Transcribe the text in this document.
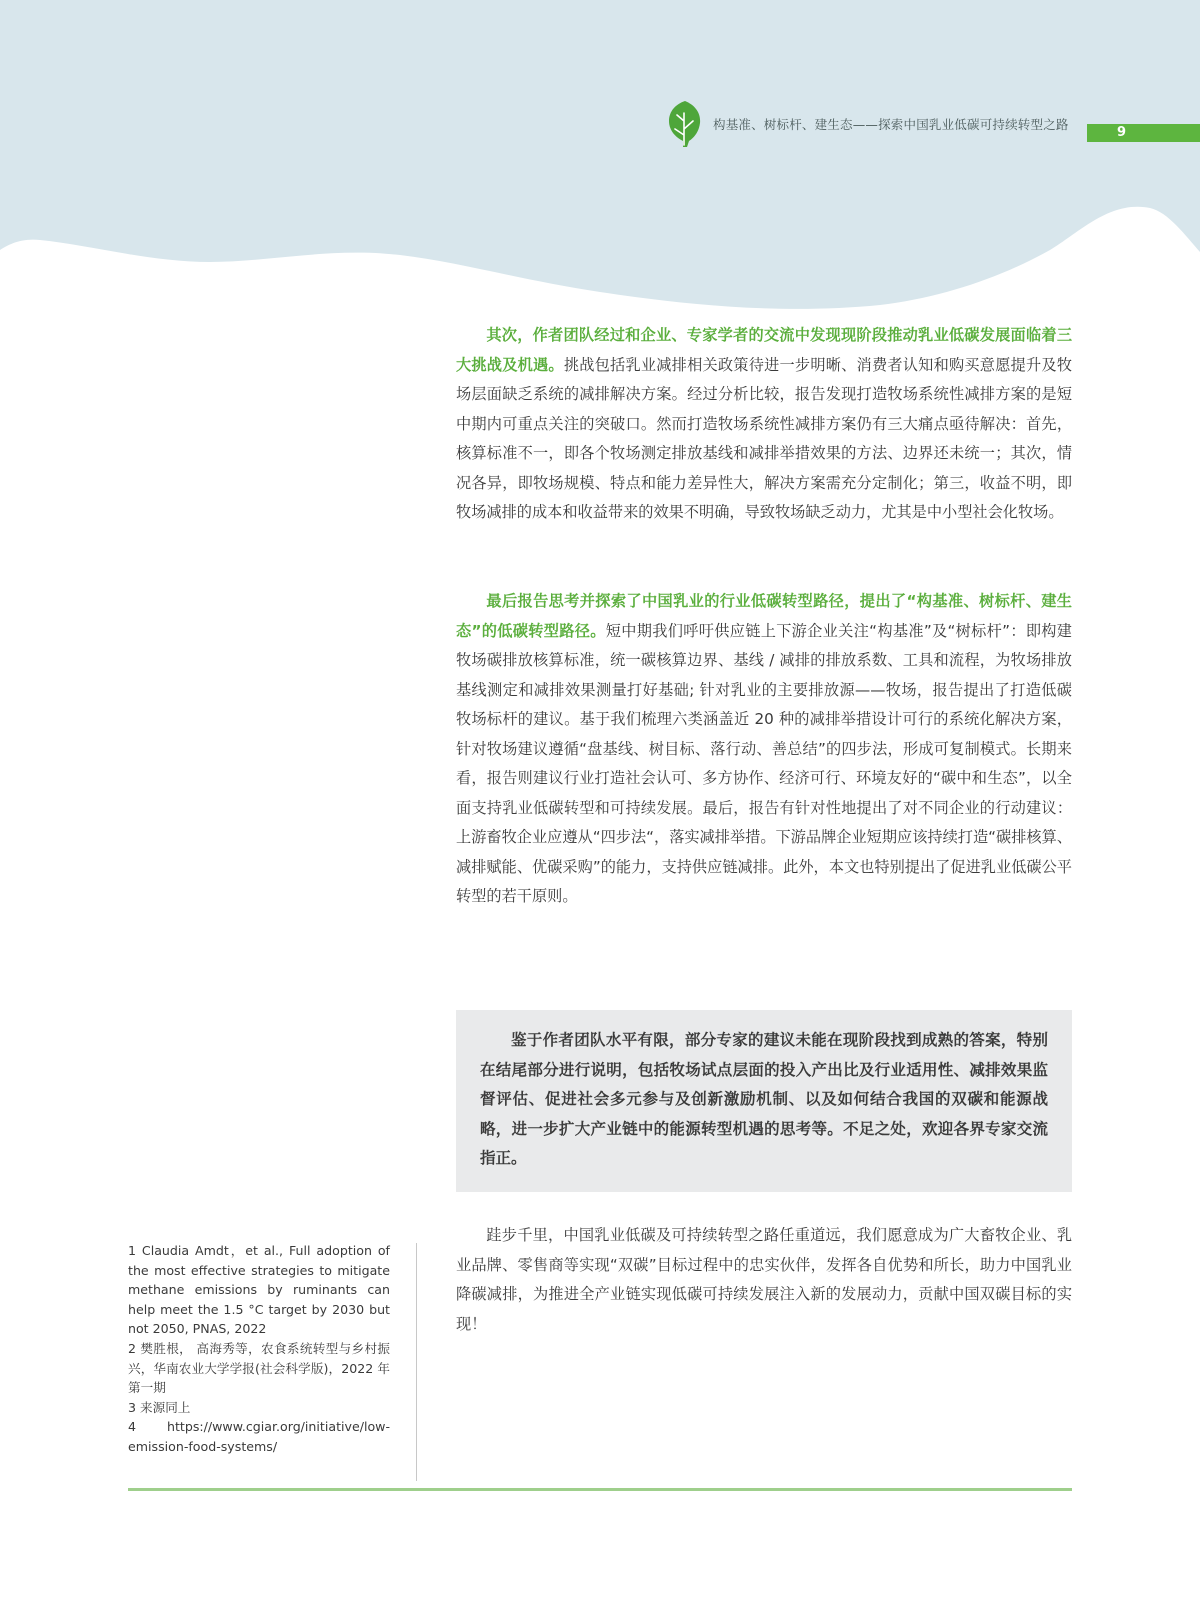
构基准、树标杆、建生态——探索中国乳业低碳可持续转型之路
9
其次，作者团队经过和企业、专家学者的交流中发现现阶段推动乳业低碳发展面临着三大挑战及机遇。挑战包括乳业减排相关政策待进一步明晰、消费者认知和购买意愿提升及牧场层面缺乏系统的减排解决方案。经过分析比较，报告发现打造牧场系统性减排方案的是短中期内可重点关注的突破口。然而打造牧场系统性减排方案仍有三大痛点亟待解决：首先，核算标准不一，即各个牧场测定排放基线和减排举措效果的方法、边界还未统一；其次，情况各异，即牧场规模、特点和能力差异性大，解决方案需充分定制化；第三，收益不明，即牧场减排的成本和收益带来的效果不明确，导致牧场缺乏动力，尤其是中小型社会化牧场。
最后报告思考并探索了中国乳业的行业低碳转型路径，提出了“构基准、树标杆、建生态”的低碳转型路径。短中期我们呼吁供应链上下游企业关注“构基准”及“树标杆”：即构建牧场碳排放核算标准，统一碳核算边界、基线 / 减排的排放系数、工具和流程，为牧场排放基线测定和减排效果测量打好基础; 针对乳业的主要排放源——牧场，报告提出了打造低碳牧场标杆的建议。基于我们梳理六类涵盖近 20 种的减排举措设计可行的系统化解决方案，针对牧场建议遵循“盘基线、树目标、落行动、善总结”的四步法，形成可复制模式。长期来看，报告则建议行业打造社会认可、多方协作、经济可行、环境友好的“碳中和生态”，以全面支持乳业低碳转型和可持续发展。最后，报告有针对性地提出了对不同企业的行动建议：上游畜牧企业应遵从“四步法“，落实减排举措。下游品牌企业短期应该持续打造“碳排核算、减排赋能、优碳采购”的能力，支持供应链减排。此外，本文也特别提出了促进乳业低碳公平转型的若干原则。

鉴于作者团队水平有限，部分专家的建议未能在现阶段找到成熟的答案，特别在结尾部分进行说明，包括牧场试点层面的投入产出比及行业适用性、减排效果监督评估、促进社会多元参与及创新激励机制、以及如何结合我国的双碳和能源战略，进一步扩大产业链中的能源转型机遇的思考等。不足之处，欢迎各界专家交流指正。

跬步千里，中国乳业低碳及可持续转型之路任重道远，我们愿意成为广大畜牧企业、乳业品牌、零售商等实现“双碳”目标过程中的忠实伙伴，发挥各自优势和所长，助力中国乳业降碳减排，为推进全产业链实现低碳可持续发展注入新的发展动力，贡献中国双碳目标的实现！
1 Claudia Amdt，et al., Full adoption of the most effective strategies to mitigate methane emissions by ruminants can help meet the 1.5 °C target by 2030 but not 2050, PNAS, 2022
2 樊胜根， 高海秀等，农食系统转型与乡村振兴，华南农业大学学报(社会科学版)，2022 年第一期
3 来源同上
4 https://www.cgiar.org/initiative/low-emission-food-systems/
